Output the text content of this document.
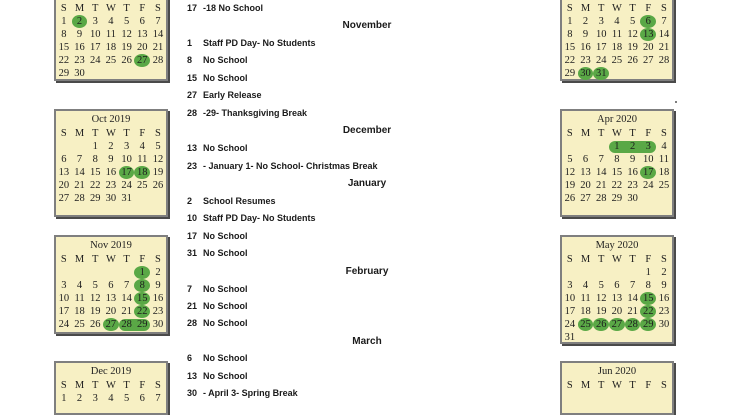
S M T W T F S
1 2 3 4 5 6 7
8 9 10 11 12 13 14
15 16 17 18 19 20 21
22 23 24 25 26 27 28
29 30
Oct 2019
S M T W T F S
1 2 3 4 5
6 7 8 9 10 11 12
13 14 15 16 17 18 19
20 21 22 23 24 25 26
27 28 29 30 31
Nov 2019
S M T W T F S
1 2
3 4 5 6 7 8 9
10 11 12 13 14 15 16
17 18 19 20 21 22 23
24 25 26 27 28 29 30
Dec 2019
S M T W T F S
1 2 3 4 5 6 7
S M T W T F S
1 2 3 4 5 6 7
8 9 10 11 12 13 14
15 16 17 18 19 20 21
22 23 24 25 26 27 28
29 30 31
Apr 2020
S M T W T F S
1 2 3 4
5 6 7 8 9 10 11
12 13 14 15 16 17 18
19 20 21 22 23 24 25
26 27 28 29 30
May 2020
S M T W T F S
1 2
3 4 5 6 7 8 9
10 11 12 13 14 15 16
17 18 19 20 21 22 23
24 25 26 27 28 29 30
31
Jun 2020
S M T W T F S
17 -18 No School
November
1 Staff PD Day- No Students
8 No School
15 No School
27 Early Release
28 -29- Thanksgiving Break
December
13 No School
23 - January 1- No School- Christmas Break
January
2 School Resumes
10 Staff PD Day- No Students
17 No School
31 No School
February
7 No School
21 No School
28 No School
March
6 No School
13 No School
30 - April 3- Spring Break
